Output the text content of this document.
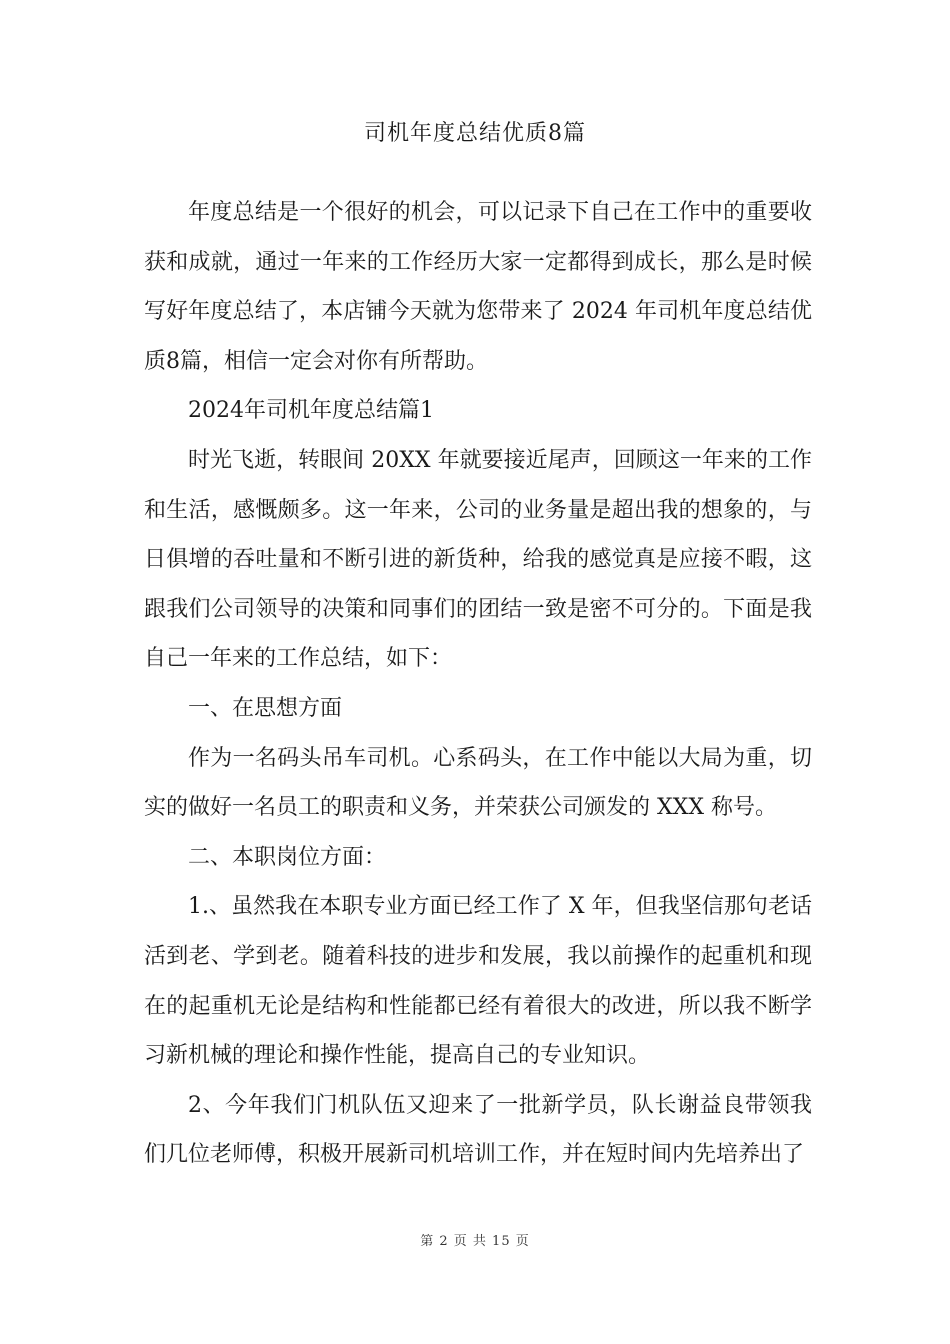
司机年度总结优质8篇

年度总结是一个很好的机会，可以记录下自己在工作中的重要收获和成就，通过一年来的工作经历大家一定都得到成长，那么是时候写好年度总结了，本店铺今天就为您带来了 2024 年司机年度总结优质8篇，相信一定会对你有所帮助。

2024年司机年度总结篇1

时光飞逝，转眼间 20XX 年就要接近尾声，回顾这一年来的工作和生活，感慨颇多。这一年来，公司的业务量是超出我的想象的，与日俱增的吞吐量和不断引进的新货种，给我的感觉真是应接不暇，这跟我们公司领导的决策和同事们的团结一致是密不可分的。下面是我自己一年来的工作总结，如下：

一、在思想方面

作为一名码头吊车司机。心系码头，在工作中能以大局为重，切实的做好一名员工的职责和义务，并荣获公司颁发的 XXX 称号。

二、本职岗位方面：

1.、虽然我在本职专业方面已经工作了 X 年，但我坚信那句老话活到老、学到老。随着科技的进步和发展，我以前操作的起重机和现在的起重机无论是结构和性能都已经有着很大的改进，所以我不断学习新机械的理论和操作性能，提高自己的专业知识。

2、今年我们门机队伍又迎来了一批新学员，队长谢益良带领我们几位老师傅，积极开展新司机培训工作，并在短时间内先培养出了

第 2 页 共 15 页
